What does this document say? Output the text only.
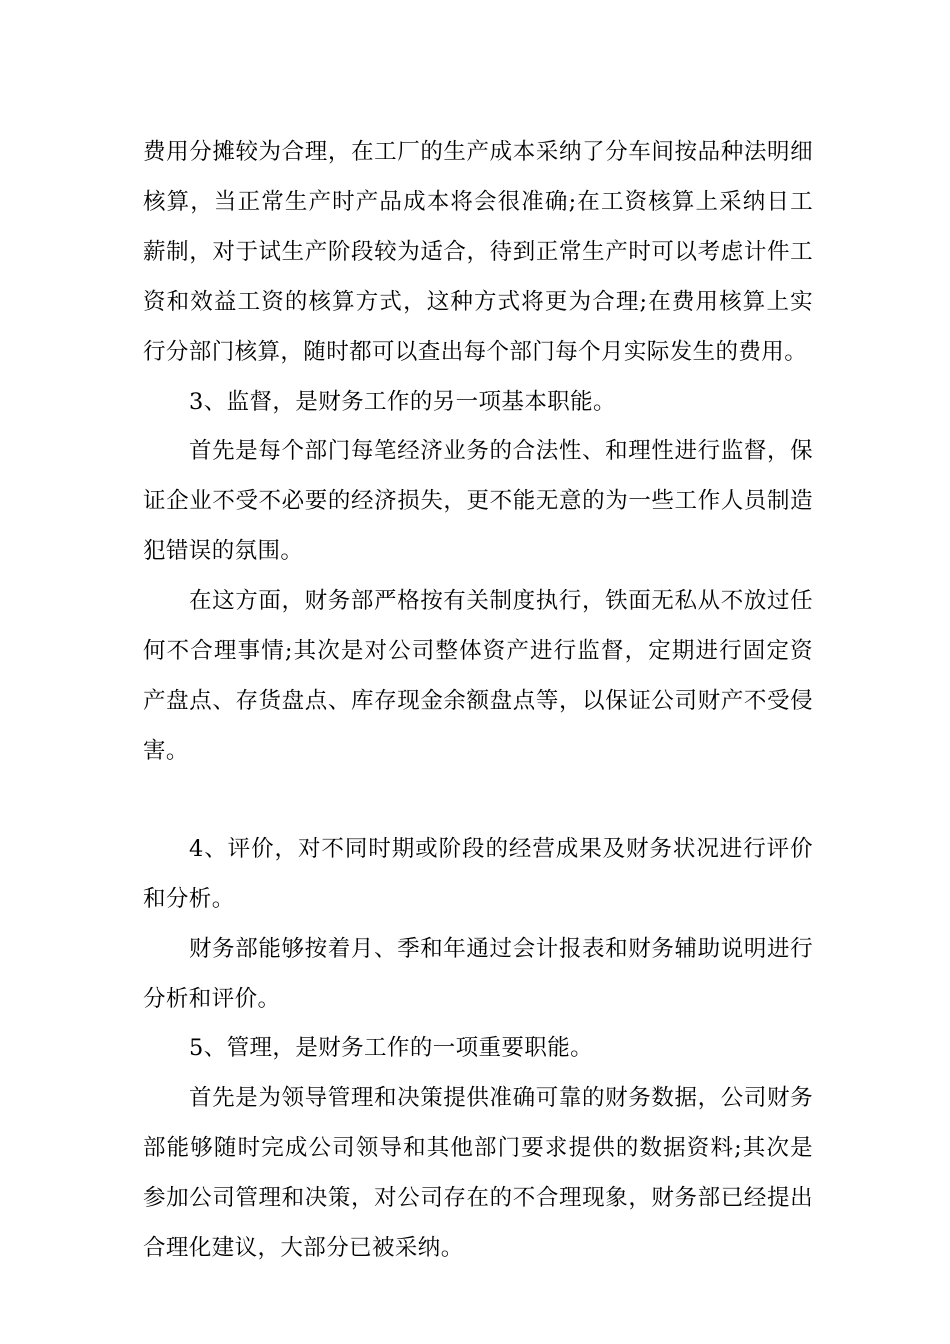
费用分摊较为合理，在工厂的生产成本采纳了分车间按品种法明细核算，当正常生产时产品成本将会很准确;在工资核算上采纳日工薪制，对于试生产阶段较为适合，待到正常生产时可以考虑计件工资和效益工资的核算方式，这种方式将更为合理;在费用核算上实行分部门核算，随时都可以查出每个部门每个月实际发生的费用。

3、监督，是财务工作的另一项基本职能。

首先是每个部门每笔经济业务的合法性、和理性进行监督，保证企业不受不必要的经济损失，更不能无意的为一些工作人员制造犯错误的氛围。

在这方面，财务部严格按有关制度执行，铁面无私从不放过任何不合理事情;其次是对公司整体资产进行监督，定期进行固定资产盘点、存货盘点、库存现金余额盘点等，以保证公司财产不受侵害。

4、评价，对不同时期或阶段的经营成果及财务状况进行评价和分析。

财务部能够按着月、季和年通过会计报表和财务辅助说明进行分析和评价。

5、管理，是财务工作的一项重要职能。

首先是为领导管理和决策提供准确可靠的财务数据，公司财务部能够随时完成公司领导和其他部门要求提供的数据资料;其次是参加公司管理和决策，对公司存在的不合理现象，财务部已经提出合理化建议，大部分已被采纳。
